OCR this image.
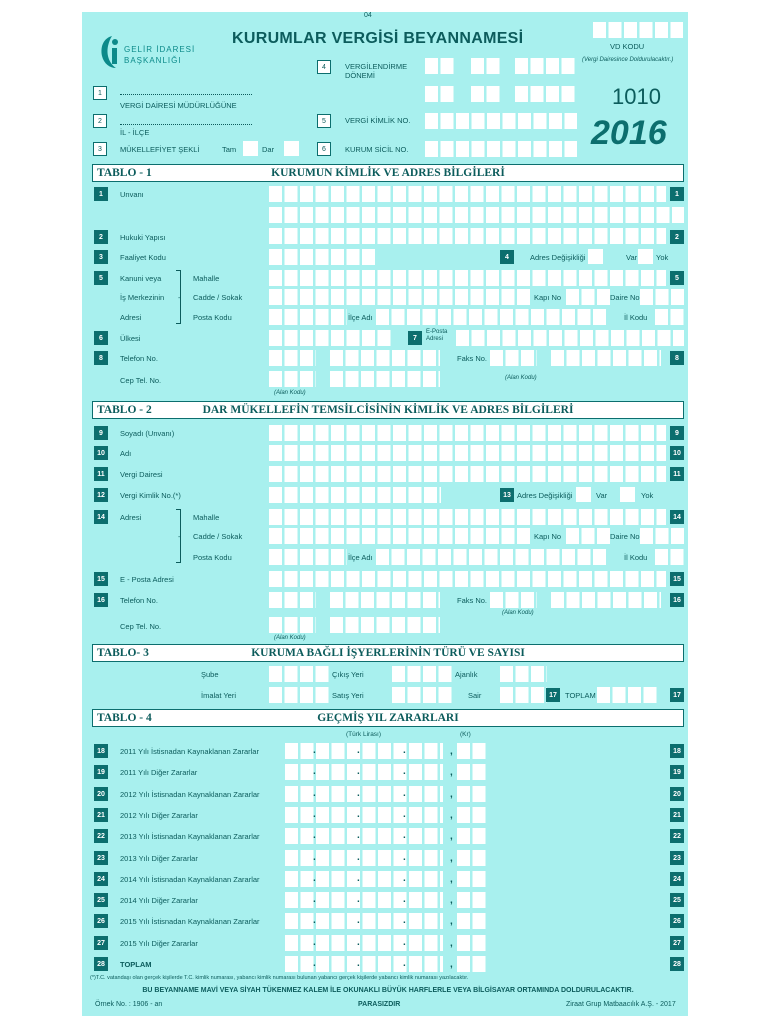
04
GELİR İDARESİ BAŞKANLIĞI
KURUMLAR VERGİSİ BEYANNAMESİ	VD KODU
(Vergi Dairesince Doldurulacaktır.)
4	VERGİLENDİRME DÖNEMİ
1010
2016
1
VERGİ DAİRESİ MÜDÜRLÜĞÜNE
2
İL - İLÇE
5	VERGİ KİMLİK NO.
3	MÜKELLEFİYET ŞEKLİ	Tam	Dar	6	KURUM SİCİL NO.
TABLO - 1	KURUMUN KİMLİK VE ADRES BİLGİLERİ
1	Unvanı	1
2	Hukuki Yapısı	2
3	Faaliyet Kodu	4	Adres Değişikliği	Var	Yok
5	Kanuni veya
İş Merkezinin
Adresi
-
Mahalle	5
Cadde / Sokak	Kapı No	Daire No
Posta Kodu	İlçe Adı	İl Kodu
6	Ülkesi	7
E-Posta Adresi
8	Telefon No.	Faks No.	8
Cep Tel. No.	(Alan Kodu)
(Alan Kodu)
TABLO - 2	DAR MÜKELLEFİN TEMSİLCİSİNİN KİMLİK VE ADRES BİLGİLERİ
9	Soyadı (Unvanı)	9
10	Adı	10
11	Vergi Dairesi	11
12	Vergi Kimlik No.(*)	13 Adres Değişikliği	Var	Yok
14	Adresi
-
Mahalle	14
Cadde / Sokak	Kapı No	Daire No
Posta Kodu	İlçe Adı	İl Kodu
15	E - Posta Adresi	15
16	Telefon No.	Faks No.	16
(Alan Kodu)
Cep Tel. No.
(Alan Kodu)
TABLO- 3	KURUMA BAĞLI İŞYERLERİNİN TÜRÜ VE SAYISI
Şube	Çıkış Yeri	Ajanlık
İmalat Yeri	Satış Yeri	Sair	17	TOPLAM	17
TABLO - 4	GEÇMİŞ YIL ZARARLARI
(Türk Lirası)	(Kr)
18	2011 Yılı İstisnadan Kaynaklanan Zararlar	.	.	.	,	18
19	2011 Yılı Diğer Zararlar	.	.	.	,	19
20	2012 Yılı İstisnadan Kaynaklanan Zararlar	.	.	.	,	20
21	2012 Yılı Diğer Zararlar	.	.	.	,	21
22	2013 Yılı İstisnadan Kaynaklanan Zararlar	.	.	.	,	22
23	2013 Yılı Diğer Zararlar	.	.	.	,	23
24	2014 Yılı İstisnadan Kaynaklanan Zararlar	.	.	.	,	24
25	2014 Yılı Diğer Zararlar	.	.	.	,	25
26	2015 Yılı İstisnadan Kaynaklanan Zararlar	.	.	.	,	26
27	2015 Yılı Diğer Zararlar	.	.	.	,	27
28	TOPLAM	.	.	.	,	28
(*)T.C. vatandaşı olan gerçek kişilerde T.C. kimlik numarası, yabancı kimlik numarası bulunan yabancı gerçek kişilerde yabancı kimlik numarası yazılacaktır.
BU BEYANNAME MAVİ VEYA SİYAH TÜKENMEZ KALEM İLE OKUNAKLI BÜYÜK HARFLERLE VEYA BİLGİSAYAR ORTAMINDA DOLDURULACAKTIR.
Örnek No. : 1906 - an	PARASIZDIR	Ziraat Grup Matbaacılık A.Ş. - 2017
